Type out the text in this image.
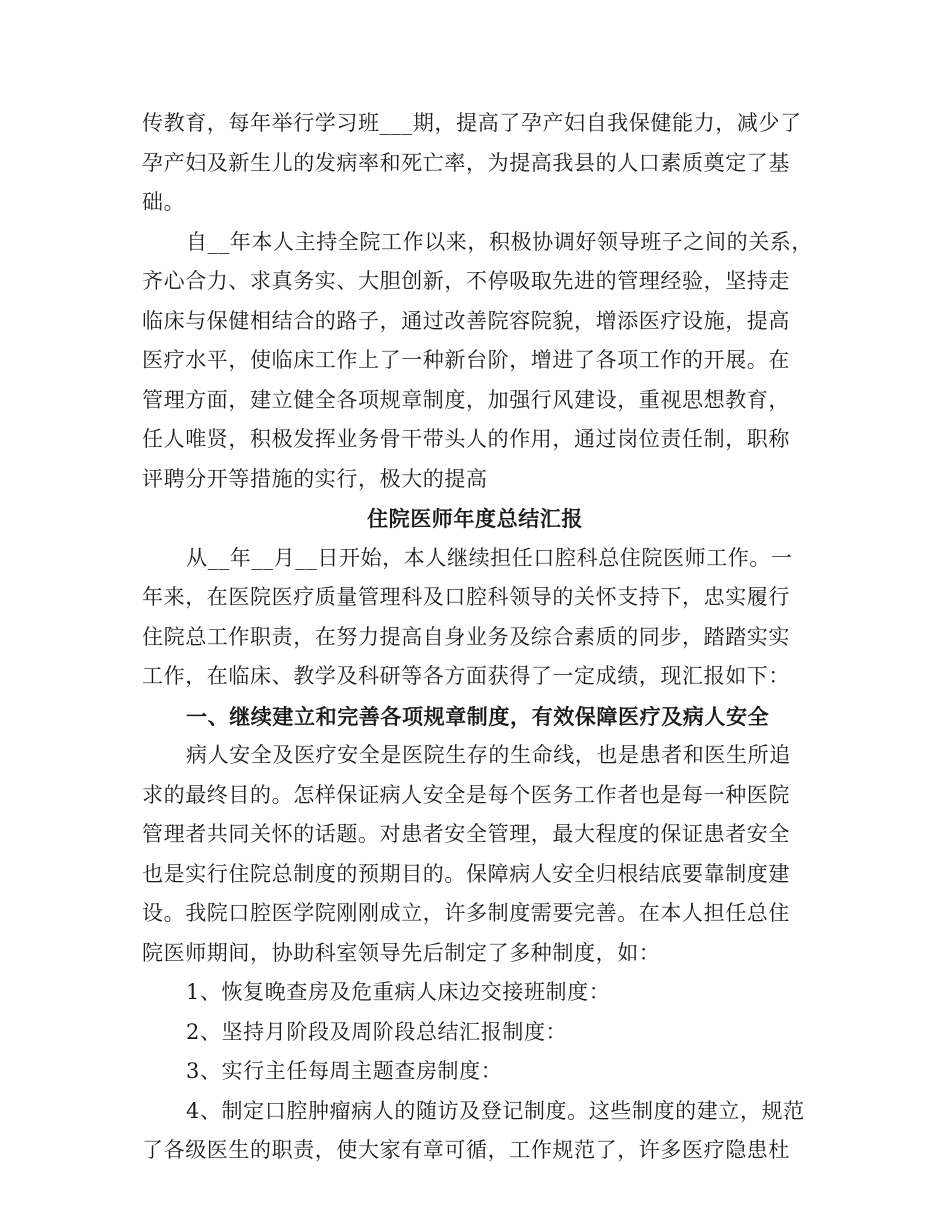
传教育，每年举行学习班___期，提高了孕产妇自我保健能力，减少了
孕产妇及新生儿的发病率和死亡率，为提高我县的人口素质奠定了基
础。
自__年本人主持全院工作以来，积极协调好领导班子之间的关系，
齐心合力、求真务实、大胆创新，不停吸取先进的管理经验，坚持走
临床与保健相结合的路子，通过改善院容院貌，增添医疗设施，提高
医疗水平，使临床工作上了一种新台阶，增进了各项工作的开展。在
管理方面，建立健全各项规章制度，加强行风建设，重视思想教育，
任人唯贤，积极发挥业务骨干带头人的作用，通过岗位责任制，职称
评聘分开等措施的实行，极大的提高
住院医师年度总结汇报
从__年__月__日开始，本人继续担任口腔科总住院医师工作。一
年来，在医院医疗质量管理科及口腔科领导的关怀支持下，忠实履行
住院总工作职责，在努力提高自身业务及综合素质的同步，踏踏实实
工作，在临床、教学及科研等各方面获得了一定成绩，现汇报如下：
一、继续建立和完善各项规章制度，有效保障医疗及病人安全
病人安全及医疗安全是医院生存的生命线，也是患者和医生所追
求的最终目的。怎样保证病人安全是每个医务工作者也是每一种医院
管理者共同关怀的话题。对患者安全管理，最大程度的保证患者安全
也是实行住院总制度的预期目的。保障病人安全归根结底要靠制度建
设。我院口腔医学院刚刚成立，许多制度需要完善。在本人担任总住
院医师期间，协助科室领导先后制定了多种制度，如：
1、恢复晚查房及危重病人床边交接班制度：
2、坚持月阶段及周阶段总结汇报制度：
3、实行主任每周主题查房制度：
4、制定口腔肿瘤病人的随访及登记制度。这些制度的建立，规范
了各级医生的职责，使大家有章可循，工作规范了，许多医疗隐患杜
